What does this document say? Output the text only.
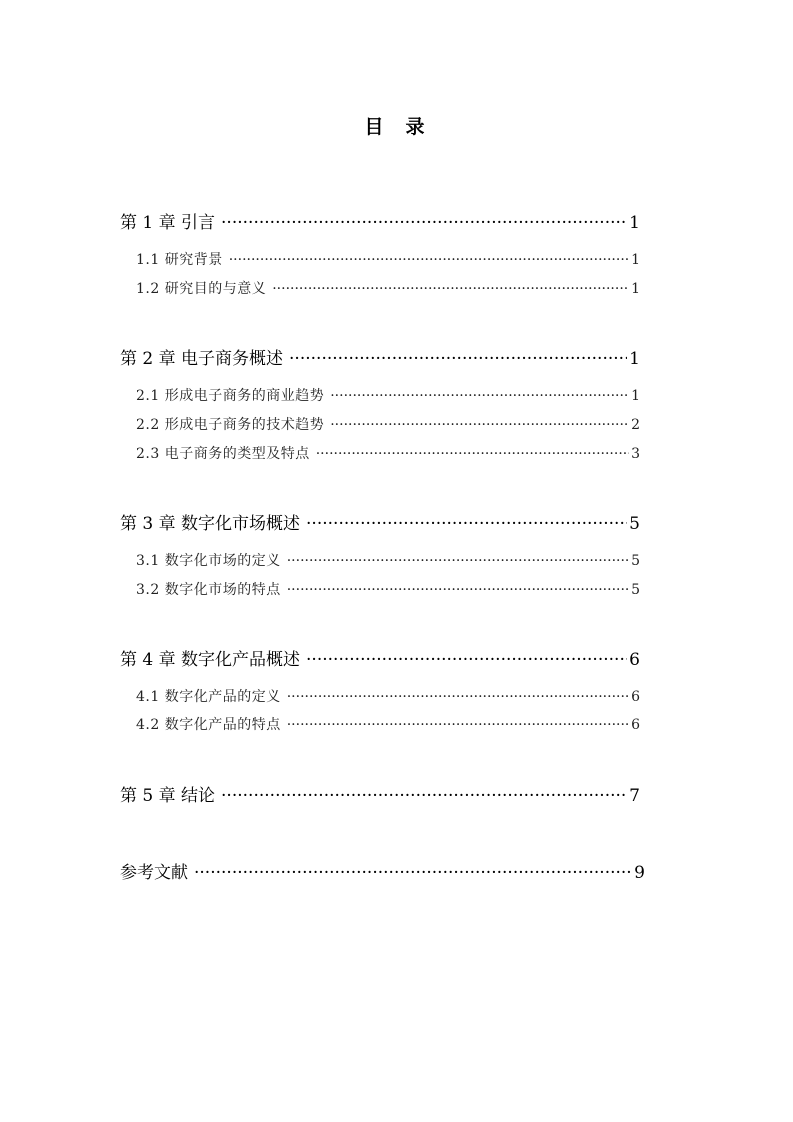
目 录
第 1 章 引言 ·····	1
1.1 研究背景 ·····	1
1.2 研究目的与意义 ·····	1
第 2 章 电子商务概述 ·····	1
2.1 形成电子商务的商业趋势 ·····	1
2.2 形成电子商务的技术趋势 ·····	2
2.3 电子商务的类型及特点 ·····	3
第 3 章 数字化市场概述 ·····	5
3.1 数字化市场的定义 ·····	5
3.2 数字化市场的特点 ·····	5
第 4 章 数字化产品概述 ·····	6
4.1 数字化产品的定义 ·····	6
4.2 数字化产品的特点 ·····	6
第 5 章 结论 ·····	7
参考文献 ·····	9
